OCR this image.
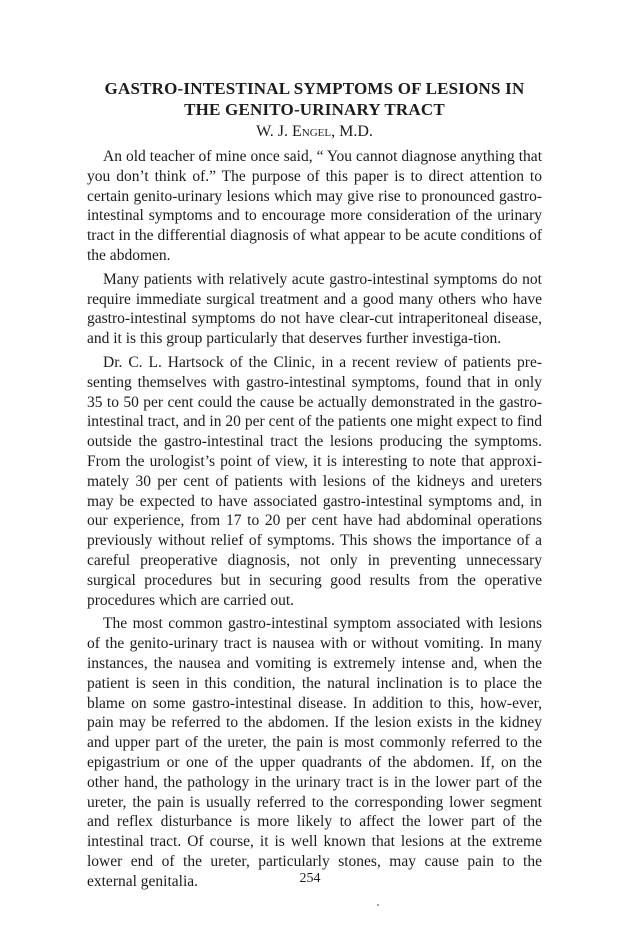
GASTRO-INTESTINAL SYMPTOMS OF LESIONS IN
THE GENITO-URINARY TRACT
W. J. Engel, M.D.

An old teacher of mine once said, “ You cannot diagnose anything that you don’t think of.” The purpose of this paper is to direct attention to certain genito-urinary lesions which may give rise to pronounced gastro-intestinal symptoms and to encourage more consideration of the urinary tract in the differential diagnosis of what appear to be acute conditions of the abdomen.

Many patients with relatively acute gastro-intestinal symptoms do not require immediate surgical treatment and a good many others who have gastro-intestinal symptoms do not have clear-cut intraperitoneal disease, and it is this group particularly that deserves further investiga-tion.

Dr. C. L. Hartsock of the Clinic, in a recent review of patients pre-senting themselves with gastro-intestinal symptoms, found that in only 35 to 50 per cent could the cause be actually demonstrated in the gastro-intestinal tract, and in 20 per cent of the patients one might expect to find outside the gastro-intestinal tract the lesions producing the symptoms. From the urologist’s point of view, it is interesting to note that approxi-mately 30 per cent of patients with lesions of the kidneys and ureters may be expected to have associated gastro-intestinal symptoms and, in our experience, from 17 to 20 per cent have had abdominal operations previously without relief of symptoms. This shows the importance of a careful preoperative diagnosis, not only in preventing unnecessary surgical procedures but in securing good results from the operative procedures which are carried out.

The most common gastro-intestinal symptom associated with lesions of the genito-urinary tract is nausea with or without vomiting. In many instances, the nausea and vomiting is extremely intense and, when the patient is seen in this condition, the natural inclination is to place the blame on some gastro-intestinal disease. In addition to this, how-ever, pain may be referred to the abdomen. If the lesion exists in the kidney and upper part of the ureter, the pain is most commonly referred to the epigastrium or one of the upper quadrants of the abdomen. If, on the other hand, the pathology in the urinary tract is in the lower part of the ureter, the pain is usually referred to the corresponding lower segment and reflex disturbance is more likely to affect the lower part of the intestinal tract. Of course, it is well known that lesions at the extreme lower end of the ureter, particularly stones, may cause pain to the external genitalia.	254
